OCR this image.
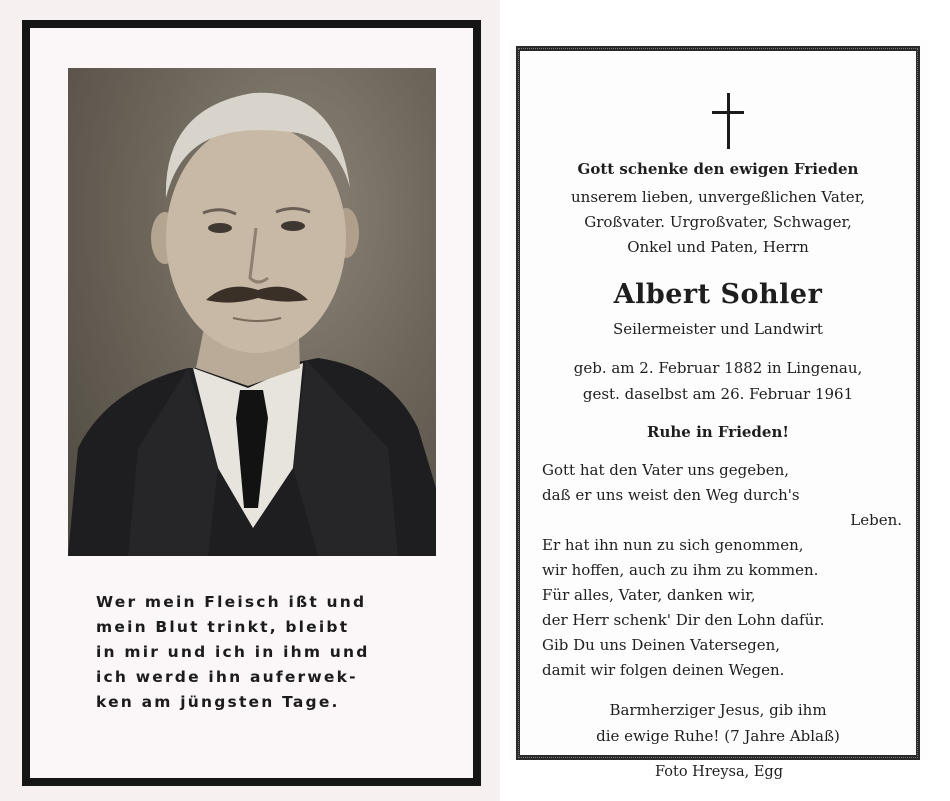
Wer mein Fleisch ißt und
mein Blut trinkt, bleibt
in mir und ich in ihm und
ich werde ihn auferwek-
ken am jüngsten Tage.
Gott schenke den ewigen Frieden
unserem lieben, unvergeßlichen Vater,
Großvater. Urgroßvater, Schwager,
Onkel und Paten, Herrn
Albert Sohler
Seilermeister und Landwirt
geb. am 2. Februar 1882 in Lingenau,
gest. daselbst am 26. Februar 1961
Ruhe in Frieden!
Gott hat den Vater uns gegeben,
daß er uns weist den Weg durch's
Leben.
Er hat ihn nun zu sich genommen,
wir hoffen, auch zu ihm zu kommen.
Für alles, Vater, danken wir,
der Herr schenk' Dir den Lohn dafür.
Gib Du uns Deinen Vatersegen,
damit wir folgen deinen Wegen.
Barmherziger Jesus, gib ihm
die ewige Ruhe! (7 Jahre Ablaß)
Foto Hreysa, Egg
